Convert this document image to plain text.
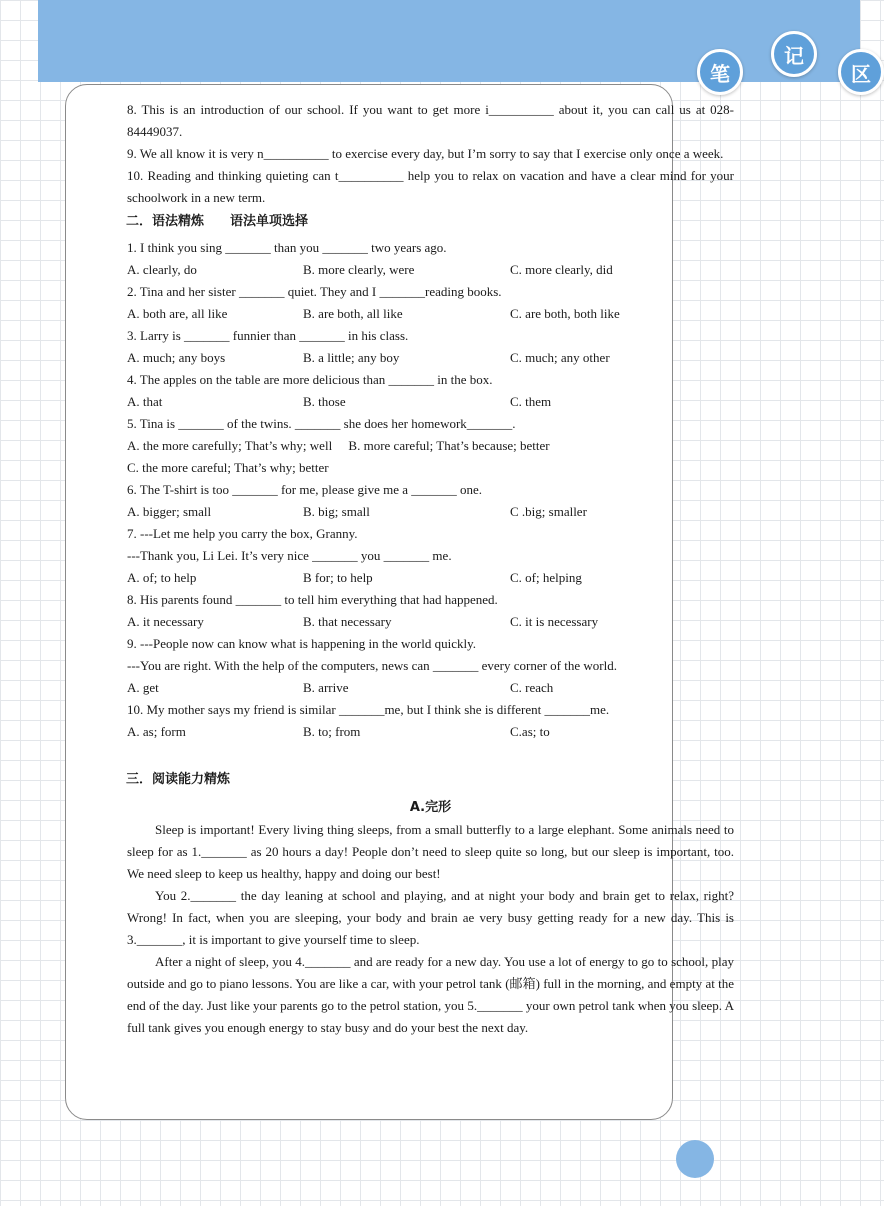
笔
记
区
8. This is an introduction of our school. If you want to get more i__________ about it, you can call us at 028-84449037.
9. We all know it is very n__________ to exercise every day, but I’m sorry to say that I exercise only once a week.
10. Reading and thinking quieting can t__________ help you to relax on vacation and have a clear mind for your schoolwork in a new term.
二．语法精炼　　语法单项选择
1. I think you sing _______ than you _______ two years ago.
A. clearly, do	B. more clearly, were	C. more clearly, did
2. Tina and her sister _______ quiet. They and I _______reading books.
A. both are, all like	B. are both, all like	C. are both, both like
3. Larry is _______ funnier than _______ in his class.
A. much; any boys	B. a little; any boy	C. much; any other
4. The apples on the table are more delicious than _______ in the box.
A. that	B. those	C. them
5. Tina is _______ of the twins. _______ she does her homework_______.
A. the more carefully; That’s why; well　 B. more careful; That’s because; better
C. the more careful; That’s why; better
6. The T-shirt is too _______ for me, please give me a _______ one.
A. bigger; small	B. big; small	C .big; smaller
7. ---Let me help you carry the box, Granny.
---Thank you, Li Lei. It’s very nice _______ you _______ me.
A. of; to help	B for; to help	C. of; helping
8. His parents found _______ to tell him everything that had happened.
A. it necessary	B. that necessary	C. it is necessary
9. ---People now can know what is happening in the world quickly.
---You are right. With the help of the computers, news can _______ every corner of the world.
A. get	B. arrive	C. reach
10. My mother says my friend is similar _______me, but I think she is different _______me.
A. as; form	B. to; from	C.as; to
三．阅读能力精炼
A.完形
Sleep is important! Every living thing sleeps, from a small butterfly to a large elephant. Some animals need to sleep for as 1._______ as 20 hours a day! People don’t need to sleep quite so long, but our sleep is important, too. We need sleep to keep us healthy, happy and doing our best!
You 2._______ the day leaning at school and playing, and at night your body and brain get to relax, right? Wrong! In fact, when you are sleeping, your body and brain ae very busy getting ready for a new day. This is 3._______, it is important to give yourself time to sleep.
After a night of sleep, you 4._______ and are ready for a new day. You use a lot of energy to go to school, play outside and go to piano lessons. You are like a car, with your petrol tank (邮箱) full in the morning, and empty at the end of the day. Just like your parents go to the petrol station, you 5._______ your own petrol tank when you sleep. A full tank gives you enough energy to stay busy and do your best the next day.
